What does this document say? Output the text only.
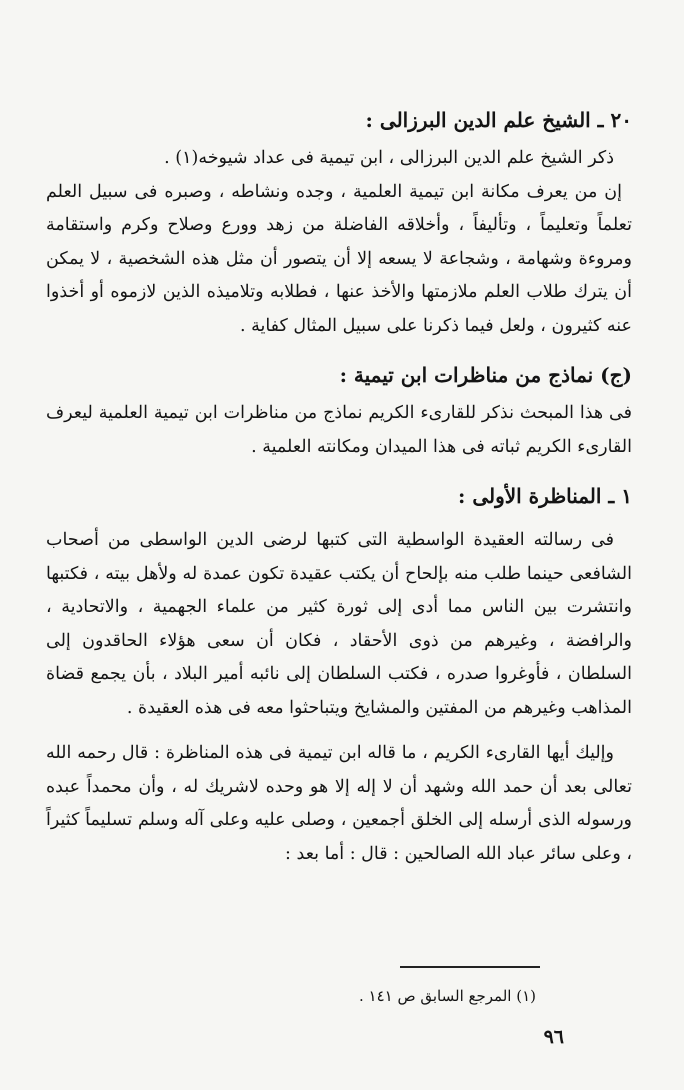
٢٠ ـ الشيخ علم الدين البرزالى :

ذكر الشيخ علم الدين البرزالى ، ابن تيمية فى عداد شيوخه(١) .

إن من يعرف مكانة ابن تيمية العلمية ، وجده ونشاطه ، وصبره فى سبيل العلم تعلماً وتعليماً ، وتأليفاً ، وأخلاقه الفاضلة من زهد وورع وصلاح وكرم واستقامة ومروءة وشهامة ، وشجاعة لا يسعه إلا أن يتصور أن مثل هذه الشخصية ، لا يمكن أن يترك طلاب العلم ملازمتها والأخذ عنها ، فطلابه وتلاميذه الذين لازموه أو أخذوا عنه كثيرون ، ولعل فيما ذكرنا على سبيل المثال كفاية .

(ج) نماذج من مناظرات ابن تيمية :

فى هذا المبحث نذكر للقارىء الكريم نماذج من مناظرات ابن تيمية العلمية ليعرف القارىء الكريم ثباته فى هذا الميدان ومكانته العلمية .

١ ـ المناظرة الأولى :

فى رسالته العقيدة الواسطية التى كتبها لرضى الدين الواسطى من أصحاب الشافعى حينما طلب منه بإلحاح أن يكتب عقيدة تكون عمدة له ولأهل بيته ، فكتبها وانتشرت بين الناس مما أدى إلى ثورة كثير من علماء الجهمية ، والاتحادية ، والرافضة ، وغيرهم من ذوى الأحقاد ، فكان أن سعى هؤلاء الحاقدون إلى السلطان ، فأوغروا صدره ، فكتب السلطان إلى نائبه أمير البلاد ، بأن يجمع قضاة المذاهب وغيرهم من المفتين والمشايخ ويتباحثوا معه فى هذه العقيدة .

وإليك أيها القارىء الكريم ، ما قاله ابن تيمية فى هذه المناظرة : قال رحمه الله تعالى بعد أن حمد الله وشهد أن لا إله إلا هو وحده لاشريك له ، وأن محمداً عبده ورسوله الذى أرسله إلى الخلق أجمعين ، وصلى عليه وعلى آله وسلم تسليماً كثيراً ، وعلى سائر عباد الله الصالحين : قال : أما بعد :

(١) المرجع السابق ص ١٤١ .

٩٦
